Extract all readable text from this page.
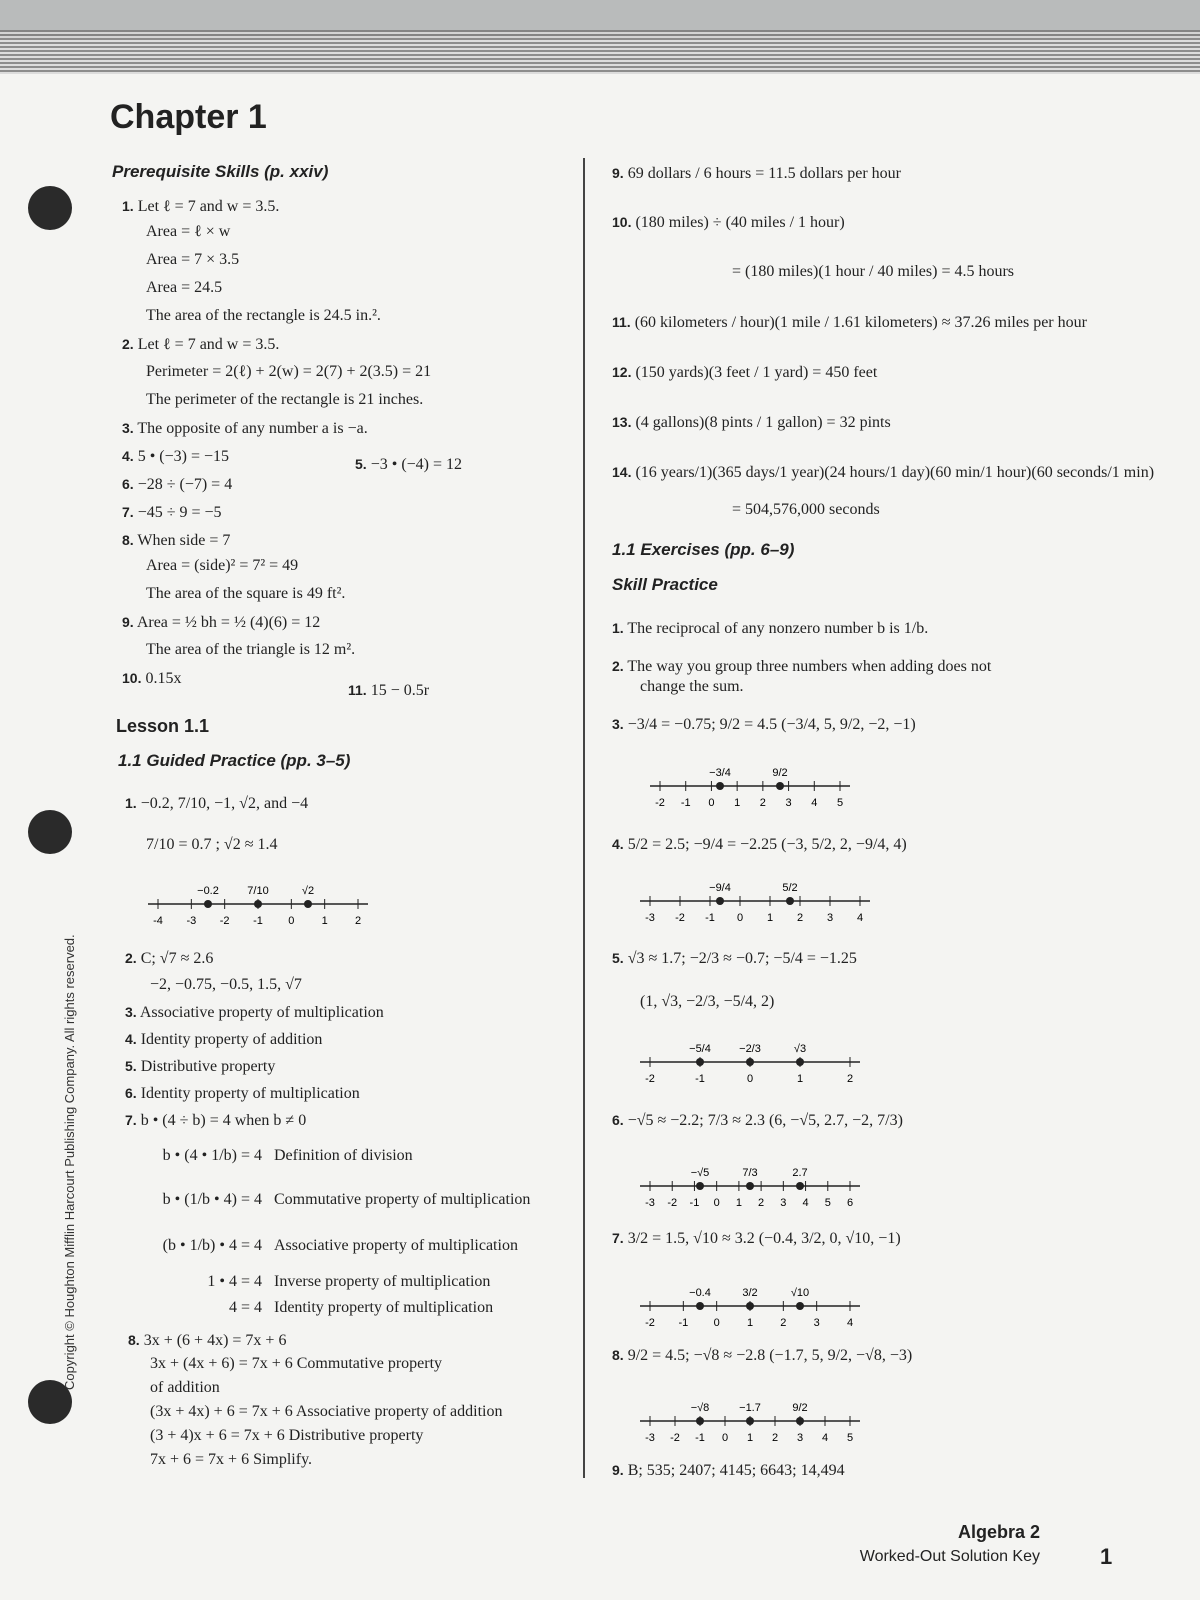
Chapter 1
Copyright © Houghton Mifflin Harcourt Publishing Company. All rights reserved.
Prerequisite Skills (p. xxiv)
1. Let ℓ = 7 and w = 3.5.
Area = ℓ × w
Area = 7 × 3.5
Area = 24.5
The area of the rectangle is 24.5 in.².
2. Let ℓ = 7 and w = 3.5.
Perimeter = 2(ℓ) + 2(w) = 2(7) + 2(3.5) = 21
The perimeter of the rectangle is 21 inches.
3. The opposite of any number a is −a.
4. 5 • (−3) = −15
6. −28 ÷ (−7) = 4
7. −45 ÷ 9 = −5
8. When side = 7
Area = (side)² = 7² = 49
The area of the square is 49 ft².
9. Area = ½ bh = ½ (4)(6) = 12
The area of the triangle is 12 m².
10. 0.15x
5. −3 • (−4) = 12
11. 15 − 0.5r
Lesson 1.1
1.1 Guided Practice (pp. 3–5)
1. −0.2, 7/10, −1, √2, and −4
7/10 = 0.7 ; √2 ≈ 1.4
-4 -3 -2 -1 0 1 2
−0.2	7/10	√2
2. C; √7 ≈ 2.6
−2, −0.75, −0.5, 1.5, √7
3. Associative property of multiplication
4. Identity property of addition
5. Distributive property
6. Identity property of multiplication
7. b • (4 ÷ b) = 4 when b ≠ 0
b • (4 • 1/b) = 4 Definition of division
b • (1/b • 4) = 4 Commutative property of multiplication
(b • 1/b) • 4 = 4 Associative property of multiplication
1 • 4 = 4 Inverse property of multiplication
4 = 4 Identity property of multiplication
8. 3x + (6 + 4x) = 7x + 6
3x + (4x + 6) = 7x + 6 Commutative property
of addition
(3x + 4x) + 6 = 7x + 6 Associative property of addition
(3 + 4)x + 6 = 7x + 6 Distributive property
7x + 6 = 7x + 6 Simplify.
9. 69 dollars / 6 hours = 11.5 dollars per hour
10. (180 miles) ÷ (40 miles / 1 hour)
= (180 miles)(1 hour / 40 miles) = 4.5 hours
11. (60 kilometers / hour)(1 mile / 1.61 kilometers) ≈ 37.26 miles per hour
12. (150 yards)(3 feet / 1 yard) = 450 feet
13. (4 gallons)(8 pints / 1 gallon) = 32 pints
14. (16 years/1)(365 days/1 year)(24 hours/1 day)(60 min/1 hour)(60 seconds/1 min)
= 504,576,000 seconds
1.1 Exercises (pp. 6–9)
Skill Practice
1. The reciprocal of any nonzero number b is 1/b.
2. The way you group three numbers when adding does not
change the sum.
3. −3/4 = −0.75; 9/2 = 4.5 (−3/4, 5, 9/2, −2, −1)
4. 5/2 = 2.5; −9/4 = −2.25 (−3, 5/2, 2, −9/4, 4)
5. √3 ≈ 1.7; −2/3 ≈ −0.7; −5/4 = −1.25
(1, √3, −2/3, −5/4, 2)
6. −√5 ≈ −2.2; 7/3 ≈ 2.3 (6, −√5, 2.7, −2, 7/3)
7. 3/2 = 1.5, √10 ≈ 3.2 (−0.4, 3/2, 0, √10, −1)
8. 9/2 = 4.5; −√8 ≈ −2.8 (−1.7, 5, 9/2, −√8, −3)
9. B; 535; 2407; 4145; 6643; 14,494
-2 -1 0 1 2 3 4 5
−3/4	9/2
-3 -2 -1 0 1 2 3 4
−9/4	5/2
-2	-1	0	1	2
−5/4	−2/3	√3
-3 -2 -1 0 1 2 3 4 5 6
−√5	7/3	2.7
-2 -1 0 1 2 3 4
−0.4	3/2	√10
-3 -2 -1 0 1 2 3 4 5
−√8	−1.7	9/2
Algebra 2
Worked-Out Solution Key	1
